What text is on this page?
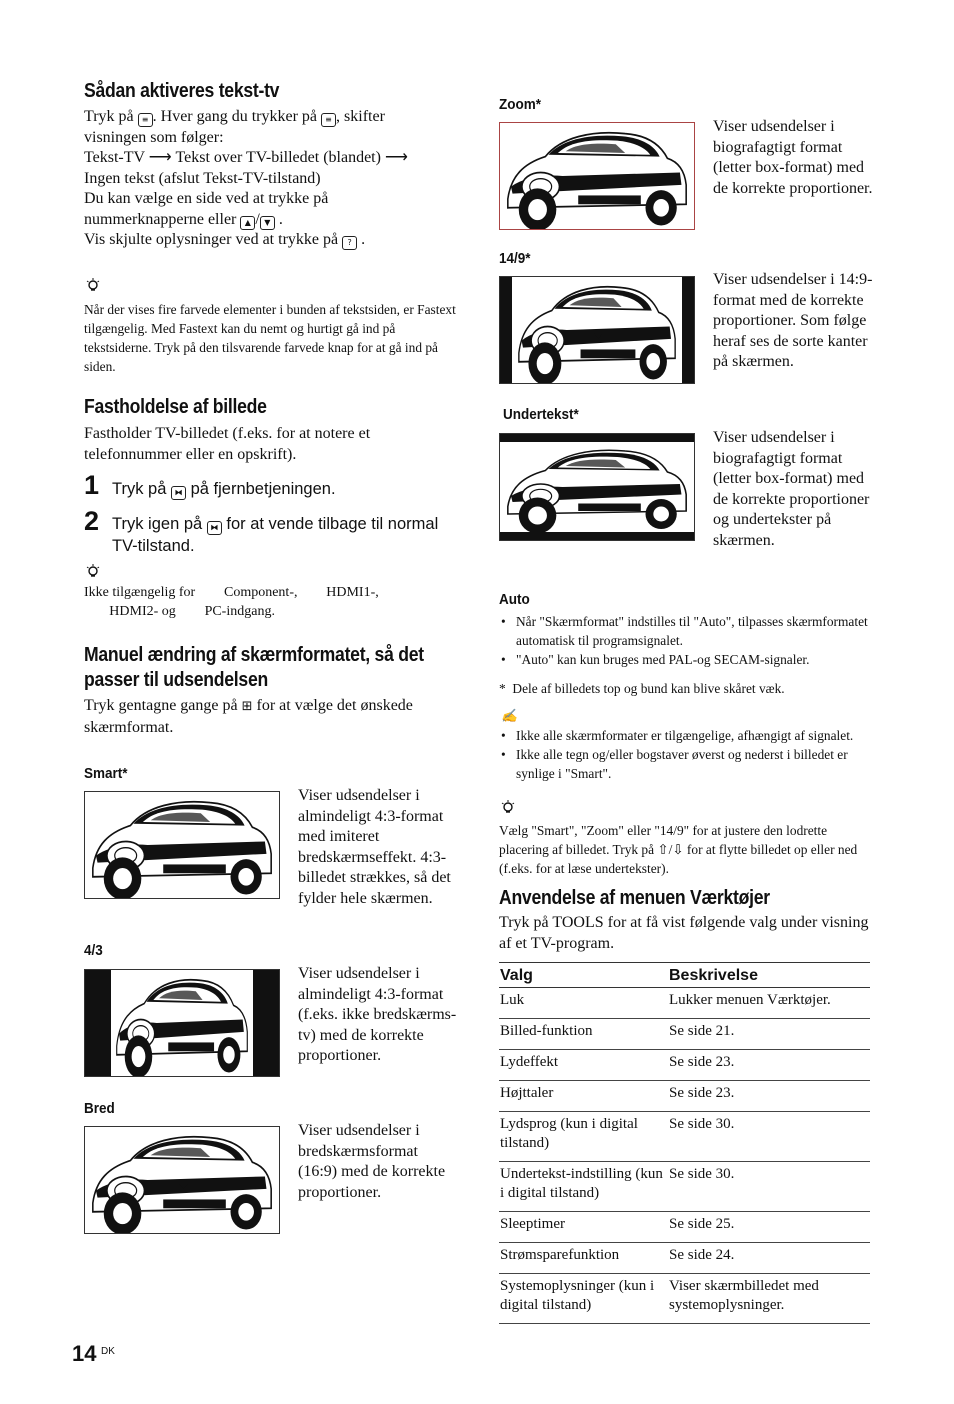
Sådan aktiveres tekst-tv
Tryk på ≡ . Hver gang du trykker på ≡ , skifter
visningen som følger:
Tekst-TV ⟶ Tekst over TV-billedet (blandet) ⟶
Ingen tekst (afslut Tekst-TV-tilstand)
Du kan vælge en side ved at trykke på
nummerknapperne eller ▲ / ▼ .
Vis skjulte oplysninger ved at trykke på ? .
Når der vises fire farvede elementer i bunden af tekstsiden, er Fastext tilgængelig. Med Fastext kan du nemt og hurtigt gå ind på tekstsiderne. Tryk på den tilsvarende farvede knap for at gå ind på siden.
Fastholdelse af billede
Fastholder TV-billedet (f.eks. for at notere et telefonnummer eller en opskrift).
1 Tryk på ⧓ på fjernbetjeningen.
2 Tryk igen på ⧓ for at vende tilbage til normal TV-tilstand.
Ikke tilgængelig for ⇽⃞ Component-, ⇽⃞ HDMI1-,
⇽⃞ HDMI2- og ⇽⃞ PC-indgang.
Manuel ændring af skærmformatet, så det
passer til udsendelsen
Tryk gentagne gange på ⊞ for at vælge det ønskede skærmformat.
Smart*
Viser udsendelser i almindeligt 4:3-format med imiteret bredskærmseffekt. 4:3-billedet strækkes, så det fylder hele skærmen.
4/3
Viser udsendelser i almindeligt 4:3-format (f.eks. ikke bredskærms-tv) med de korrekte proportioner.
Bred
Viser udsendelser i bredskærmsformat (16:9) med de korrekte proportioner.
14 DK
Zoom*
Viser udsendelser i biografagtigt format (letter box-format) med de korrekte proportioner.
14/9*
Viser udsendelser i 14:9-format med de korrekte proportioner. Som følge heraf ses de sorte kanter på skærmen.
Undertekst*
Viser udsendelser i biografagtigt format (letter box-format) med de korrekte proportioner og undertekster på skærmen.
Auto
• Når "Skærmformat" indstilles til "Auto", tilpasses skærmformatet automatisk til programsignalet.
• "Auto" kan kun bruges med PAL-og SECAM-signaler.
* Dele af billedets top og bund kan blive skåret væk.
✍
• Ikke alle skærmformater er tilgængelige, afhængigt af signalet.
• Ikke alle tegn og/eller bogstaver øverst og nederst i billedet er synlige i "Smart".
Vælg "Smart", "Zoom" eller "14/9" for at justere den lodrette placering af billedet. Tryk på ⇧/⇩ for at flytte billedet op eller ned (f.eks. for at læse undertekster).
Anvendelse af menuen Værktøjer
Tryk på TOOLS for at få vist følgende valg under visning af et TV-program.
Valg	Beskrivelse
Luk	Lukker menuen Værktøjer.
Billed-funktion	Se side 21.
Lydeffekt	Se side 23.
Højttaler	Se side 23.
Lydsprog (kun i digital tilstand)	Se side 30.
Undertekst-indstilling (kun i digital tilstand)	Se side 30.
Sleeptimer	Se side 25.
Strømsparefunktion	Se side 24.
Systemoplysninger (kun i digital tilstand)	Viser skærmbilledet med systemoplysninger.
